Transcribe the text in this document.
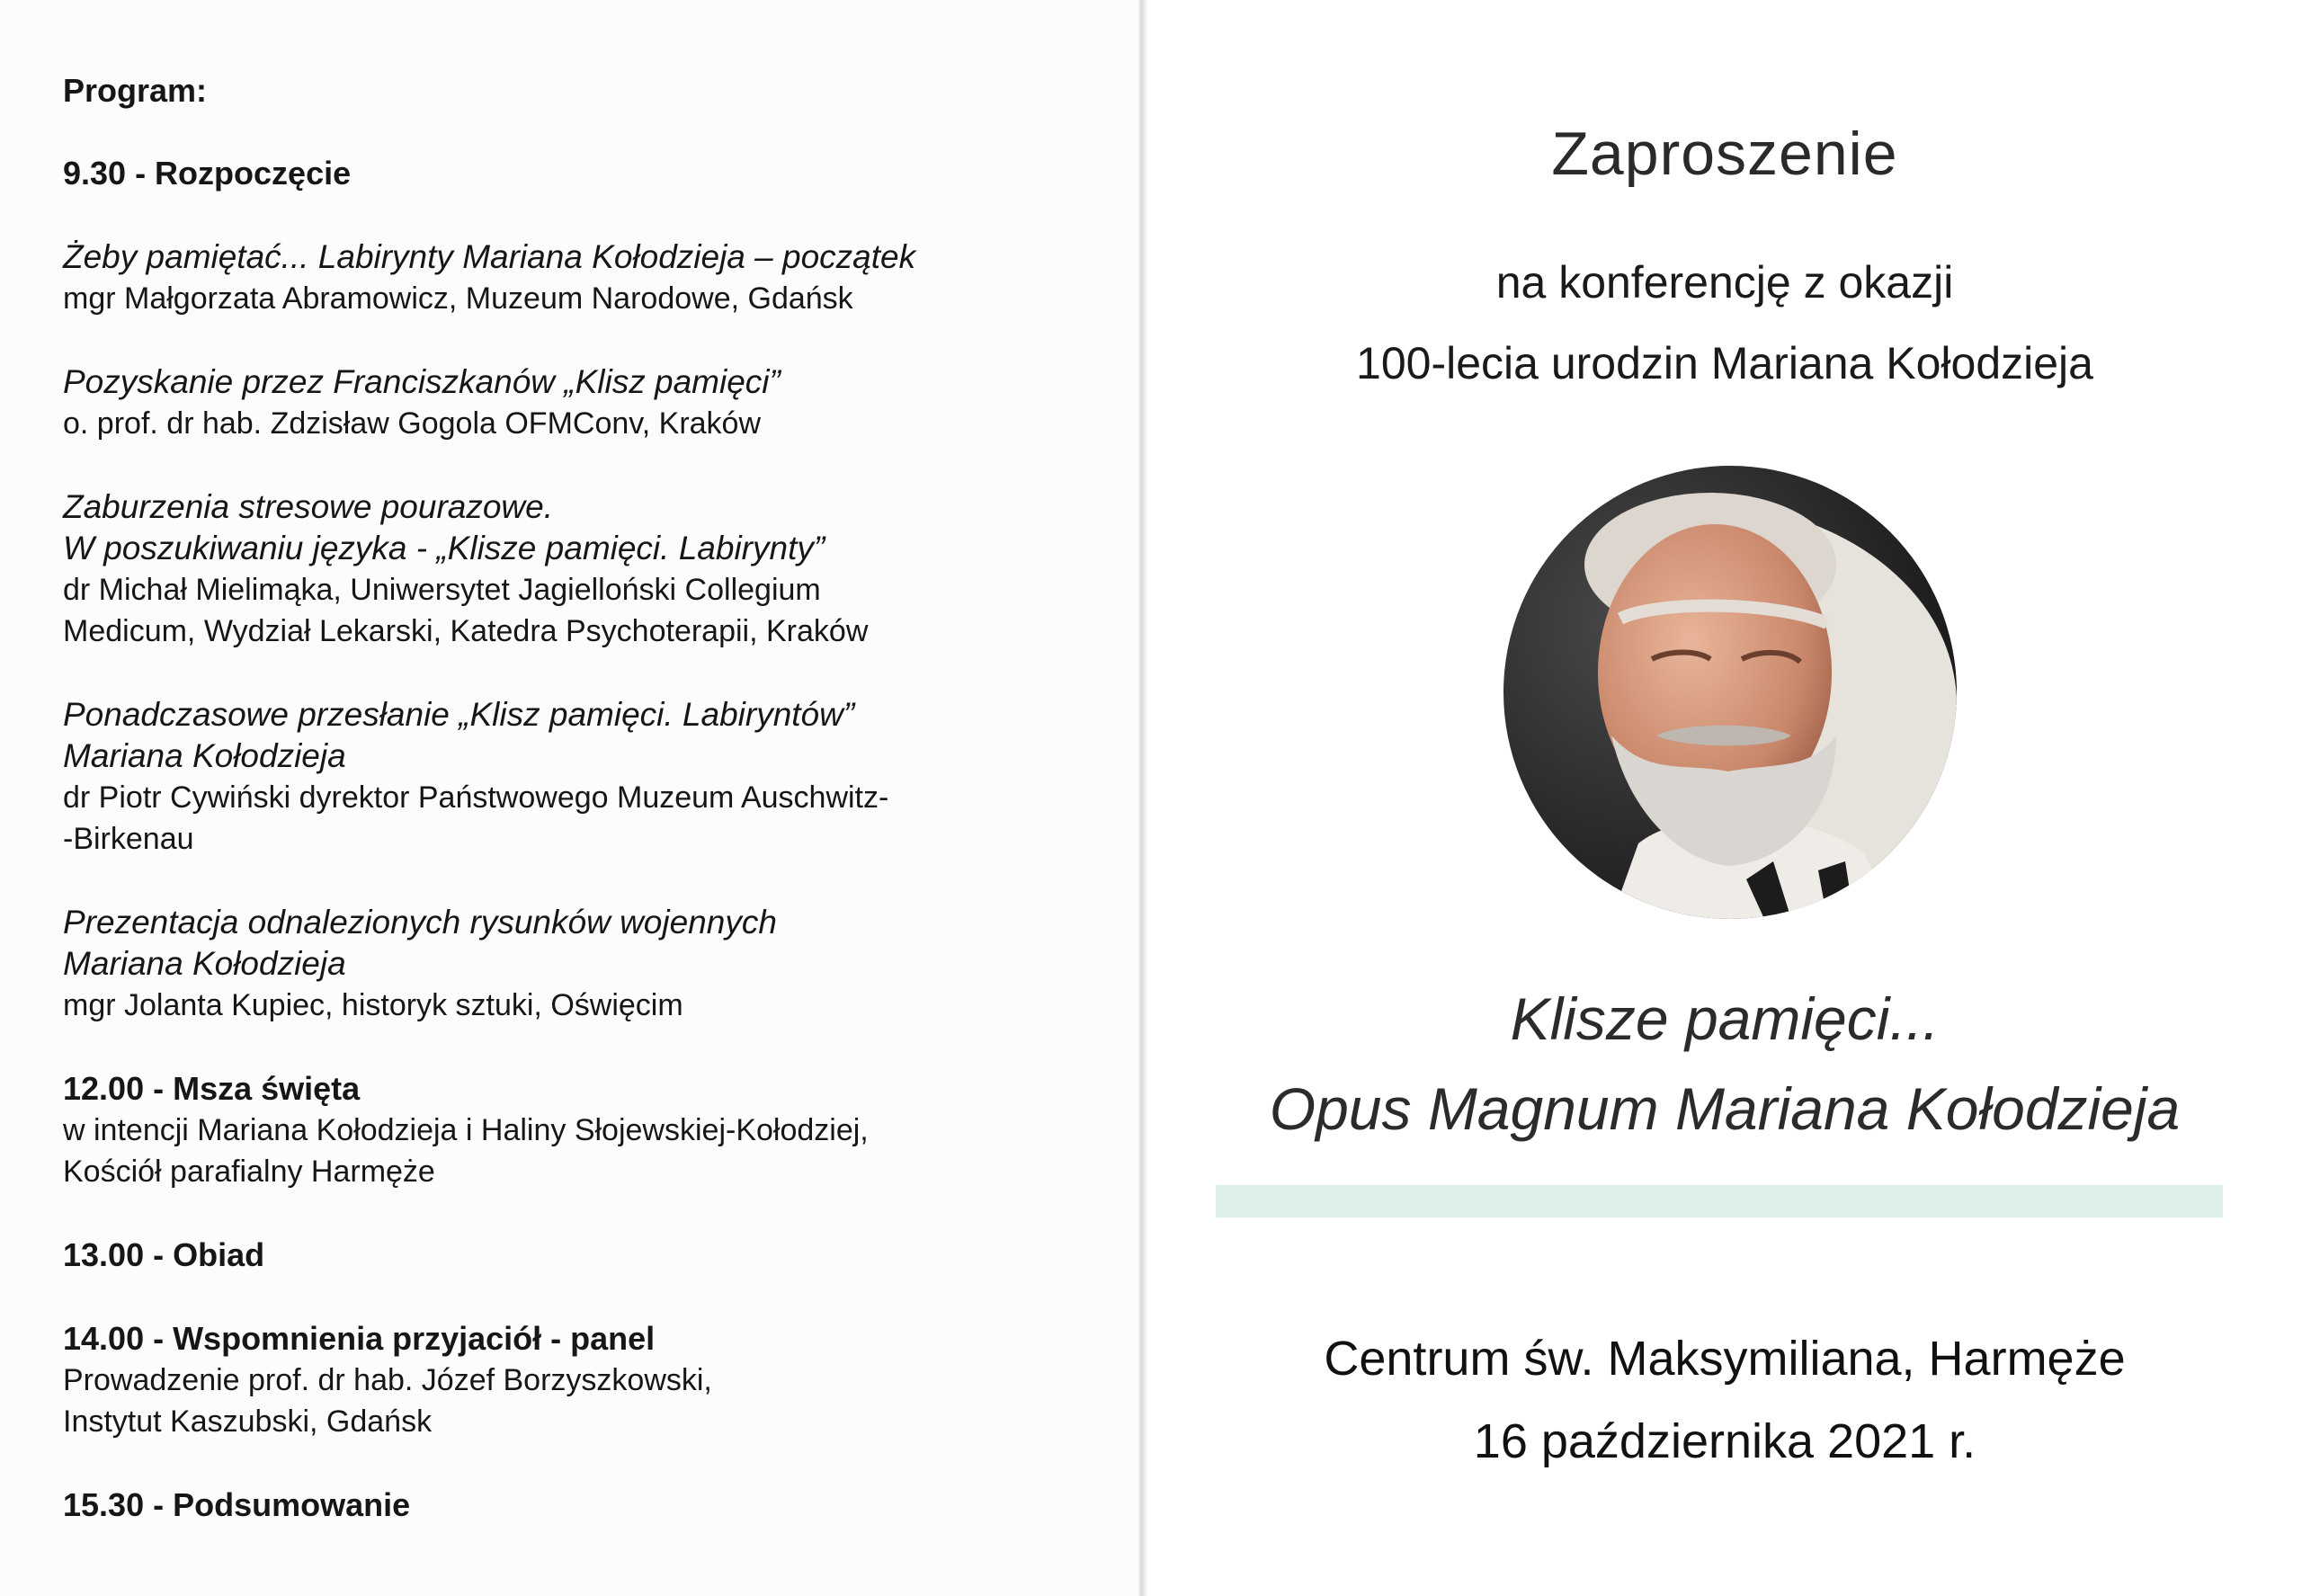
Program:
9.30 - Rozpoczęcie
Żeby pamiętać... Labirynty Mariana Kołodzieja – początek
mgr Małgorzata Abramowicz, Muzeum Narodowe, Gdańsk
Pozyskanie przez Franciszkanów „Klisz pamięci”
o. prof. dr hab. Zdzisław Gogola OFMConv, Kraków
Zaburzenia stresowe pourazowe.
W poszukiwaniu języka - „Klisze pamięci. Labirynty”
dr Michał Mielimąka, Uniwersytet Jagielloński Collegium
Medicum, Wydział Lekarski, Katedra Psychoterapii, Kraków
Ponadczasowe przesłanie „Klisz pamięci. Labiryntów”
Mariana Kołodzieja
dr Piotr Cywiński dyrektor Państwowego Muzeum Auschwitz-
-Birkenau
Prezentacja odnalezionych rysunków wojennych
Mariana Kołodzieja
mgr Jolanta Kupiec, historyk sztuki, Oświęcim
12.00 - Msza święta
w intencji Mariana Kołodzieja i Haliny Słojewskiej-Kołodziej,
Kościół parafialny Harmęże
13.00 - Obiad
14.00 - Wspomnienia przyjaciół - panel
Prowadzenie prof. dr hab. Józef Borzyszkowski,
Instytut Kaszubski, Gdańsk
15.30 - Podsumowanie
Zaproszenie
na konferencję z okazji
100-lecia urodzin Mariana Kołodzieja
Klisze pamięci...
Opus Magnum Mariana Kołodzieja
Centrum św. Maksymiliana, Harmęże
16 października 2021 r.
